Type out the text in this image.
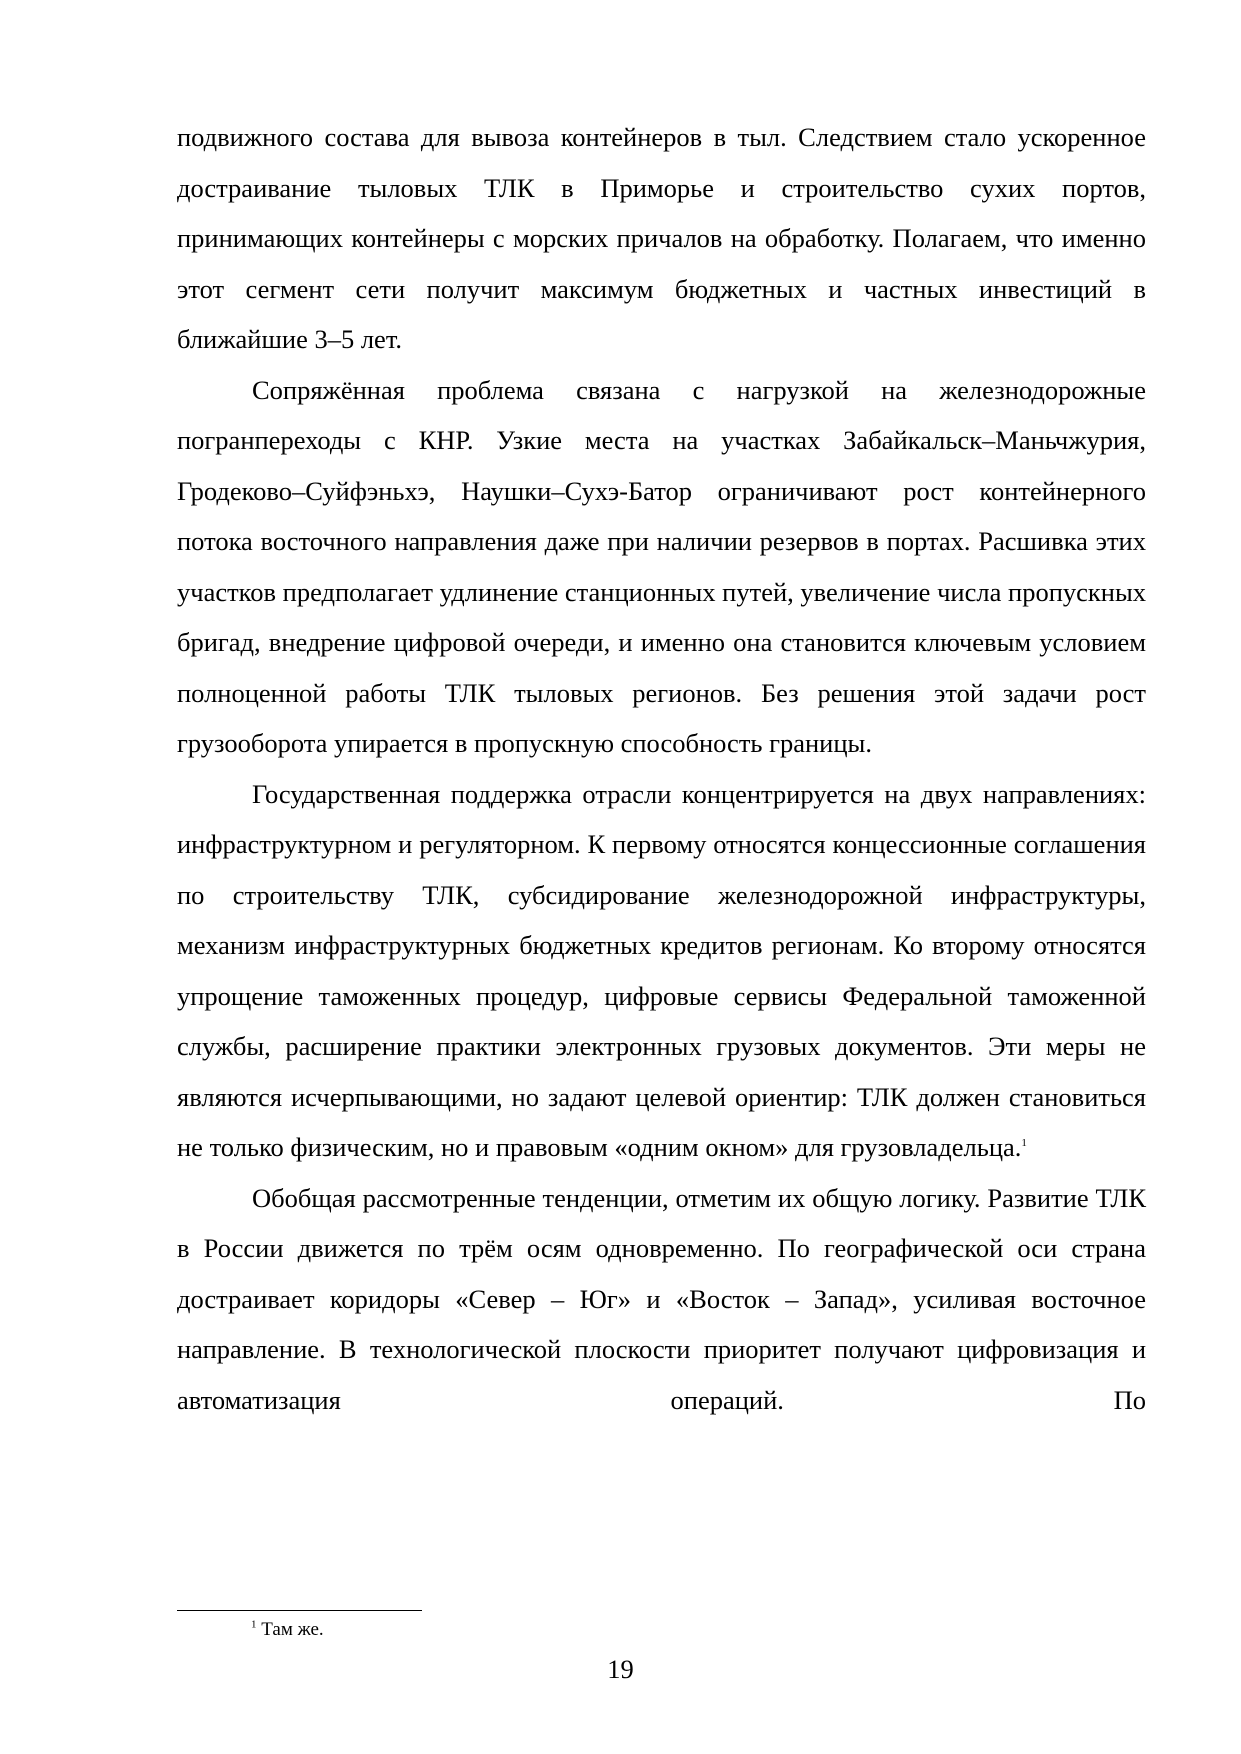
подвижного состава для вывоза контейнеров в тыл. Следствием стало ускоренное достраивание тыловых ТЛК в Приморье и строительство сухих портов, принимающих контейнеры с морских причалов на обработку. Полагаем, что именно этот сегмент сети получит максимум бюджетных и частных инвестиций в ближайшие 3–5 лет.

Сопряжённая проблема связана с нагрузкой на железнодорожные погранпереходы с КНР. Узкие места на участках Забайкальск–Маньчжурия, Гродеково–Суйфэньхэ, Наушки–Сухэ-Батор ограничивают рост контейнерного потока восточного направления даже при наличии резервов в портах. Расшивка этих участков предполагает удлинение станционных путей, увеличение числа пропускных бригад, внедрение цифровой очереди, и именно она становится ключевым условием полноценной работы ТЛК тыловых регионов. Без решения этой задачи рост грузооборота упирается в пропускную способность границы.

Государственная поддержка отрасли концентрируется на двух направлениях: инфраструктурном и регуляторном. К первому относятся концессионные соглашения по строительству ТЛК, субсидирование железнодорожной инфраструктуры, механизм инфраструктурных бюджетных кредитов регионам. Ко второму относятся упрощение таможенных процедур, цифровые сервисы Федеральной таможенной службы, расширение практики электронных грузовых документов. Эти меры не являются исчерпывающими, но задают целевой ориентир: ТЛК должен становиться не только физическим, но и правовым «одним окном» для грузовладельца.$^1$

Обобщая рассмотренные тенденции, отметим их общую логику. Развитие ТЛК в России движется по трём осям одновременно. По географической оси страна достраивает коридоры «Север – Юг» и «Восток – Запад», усиливая восточное направление. В технологической плоскости приоритет получают цифровизация и автоматизация операций. По

$^1$ Там же.
19
